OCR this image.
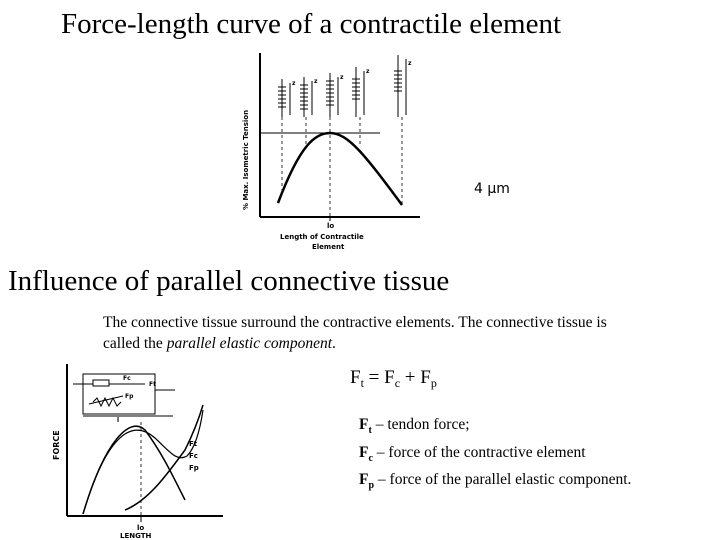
Force-length curve of a contractile element
z	z
z
z
z
lo
Length of Contractile
Element
% Max. Isometric Tension	4 µm
Influence of parallel connective tissue
The connective tissue surround the contractive elements. The connective tissue is called the parallel elastic component.
Fc
Ft
Fp
l
Ft
Fc
Fp
lo
LENGTH
FORCE
$F_t = F_c + F_p$
$F_t$ – tendon force;
$F_c$ – force of the contractive element
$F_p$ – force of the parallel elastic component.
